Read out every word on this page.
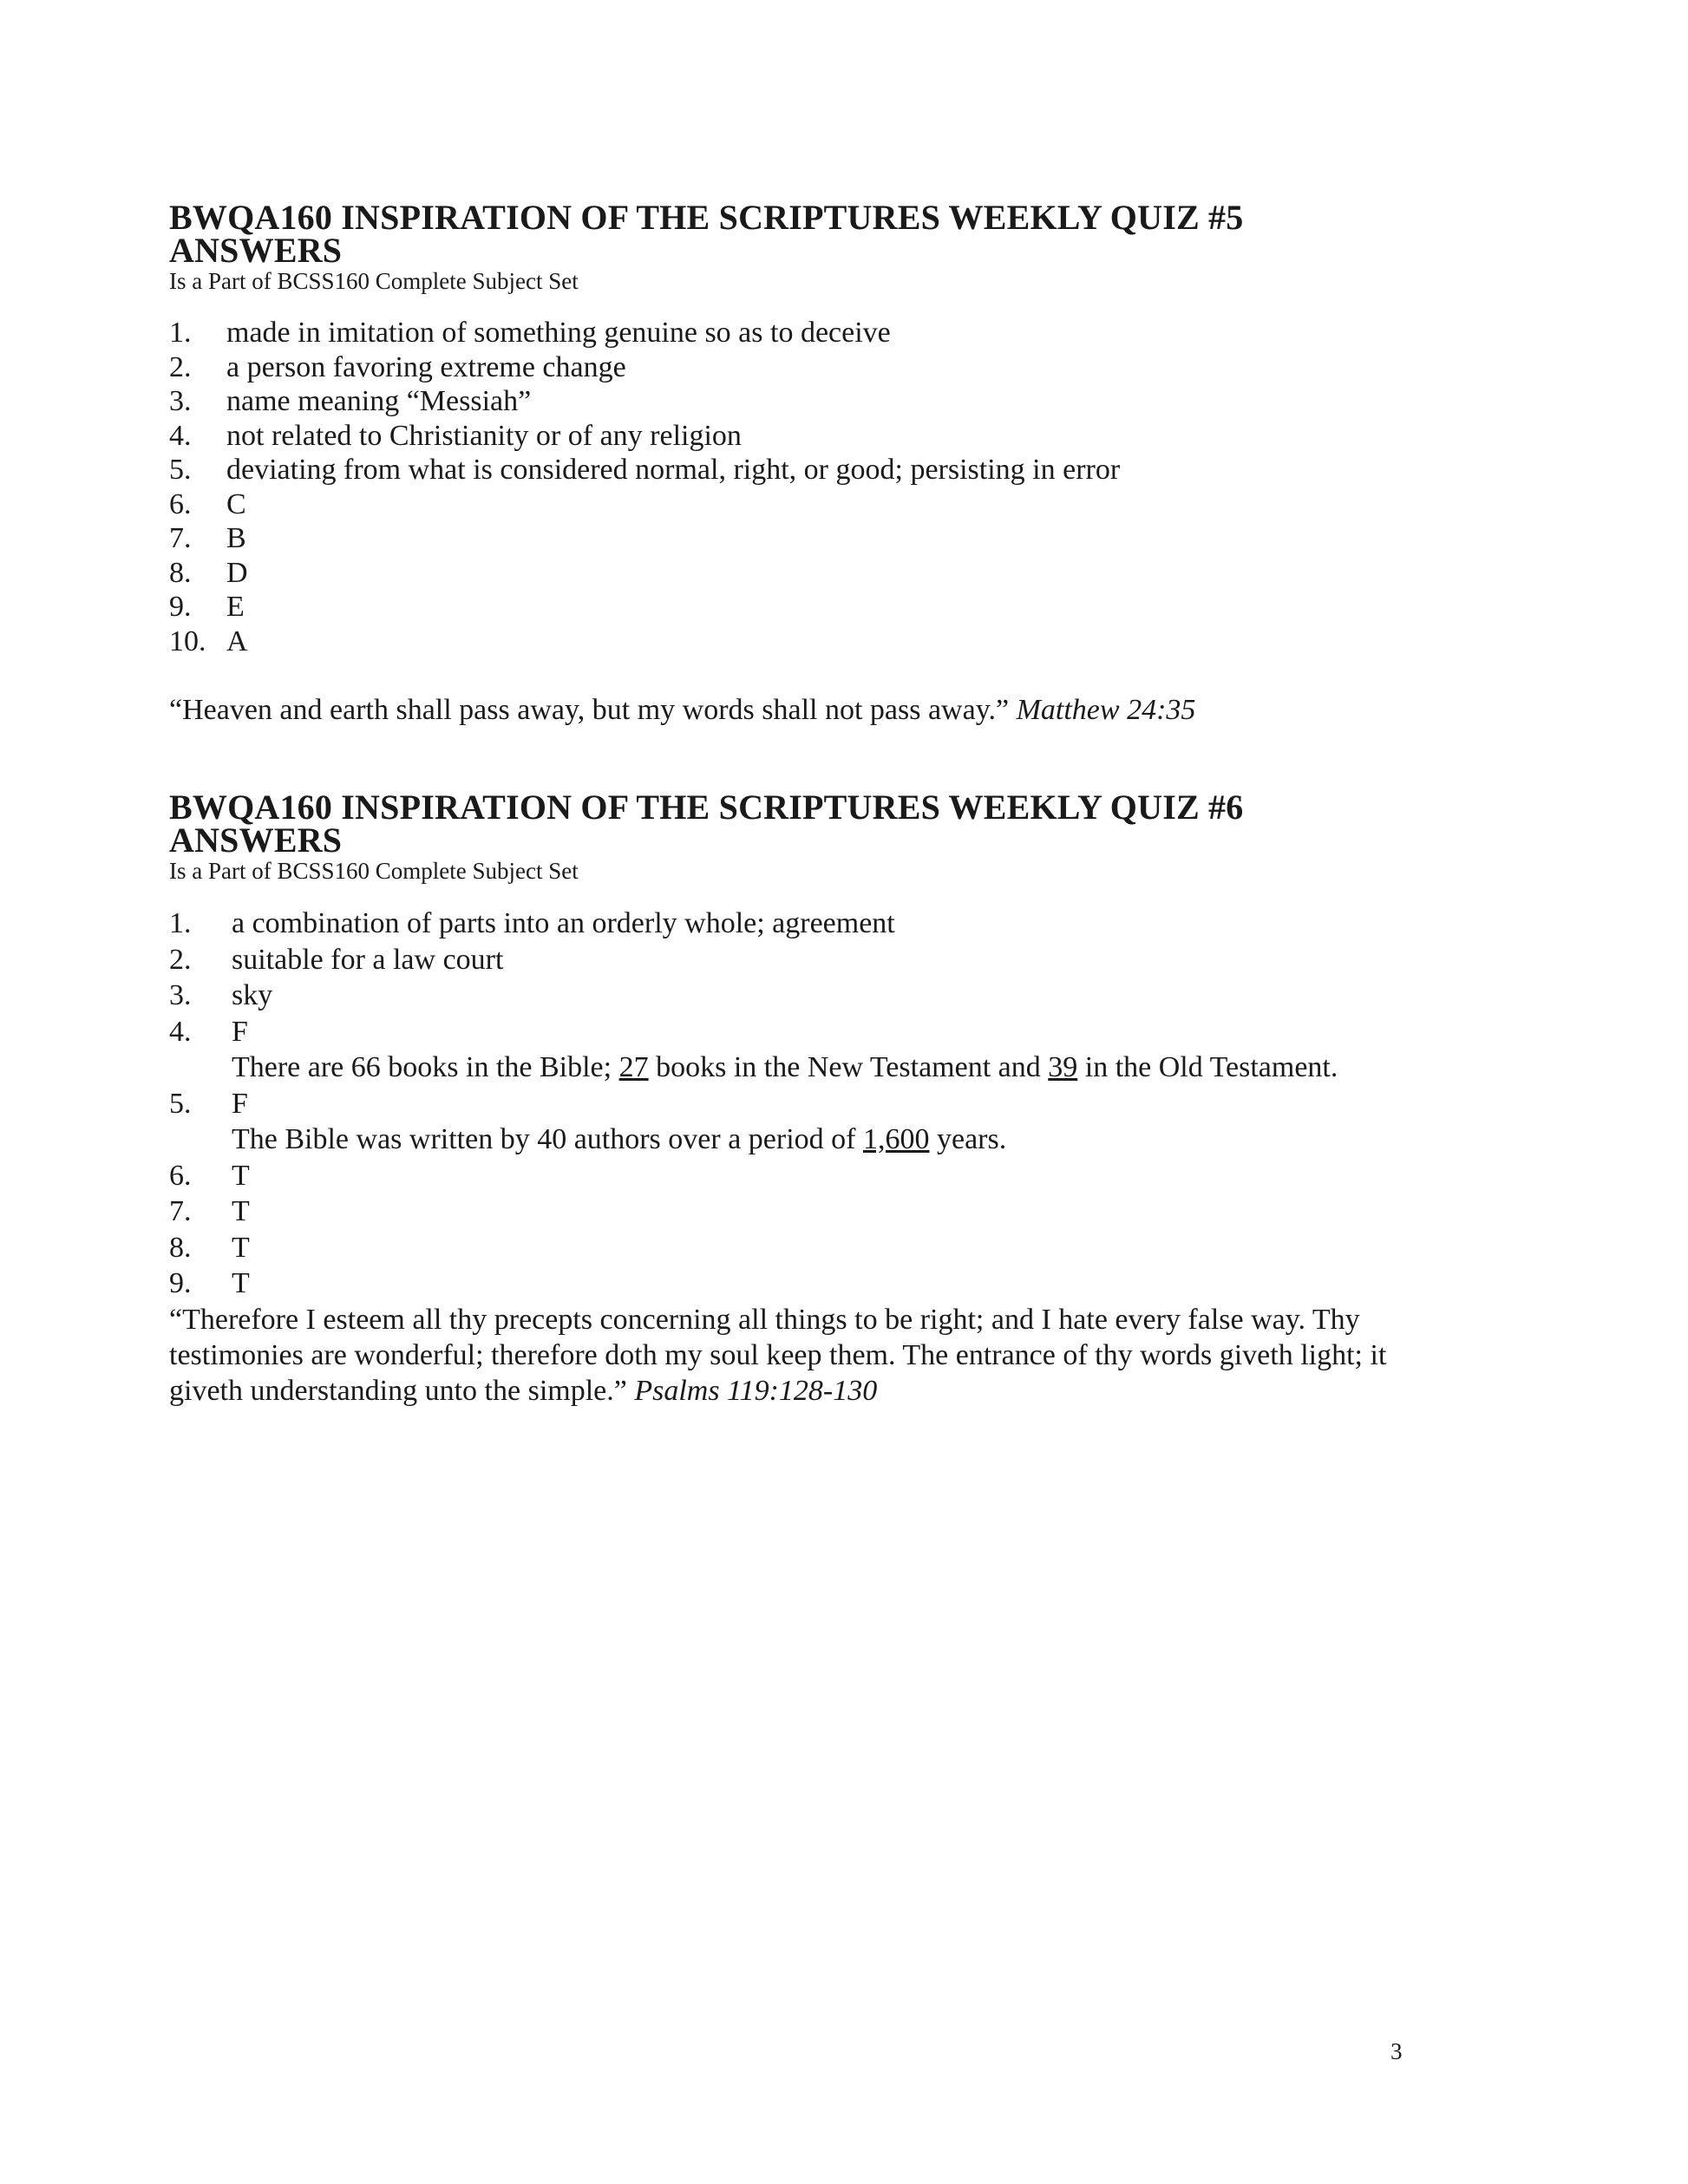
BWQA160 INSPIRATION OF THE SCRIPTURES WEEKLY QUIZ #5
ANSWERS

Is a Part of BCSS160 Complete Subject Set

1. made in imitation of something genuine so as to deceive
2. a person favoring extreme change
3. name meaning “Messiah”
4. not related to Christianity or of any religion
5. deviating from what is considered normal, right, or good; persisting in error
6. C
7. B
8. D
9. E
10. A

“Heaven and earth shall pass away, but my words shall not pass away.” Matthew 24:35

BWQA160 INSPIRATION OF THE SCRIPTURES WEEKLY QUIZ #6
ANSWERS

Is a Part of BCSS160 Complete Subject Set

1. a combination of parts into an orderly whole; agreement
2. suitable for a law court
3. sky
4. F
There are 66 books in the Bible; 27 books in the New Testament and 39 in the Old Testament.
5. F
The Bible was written by 40 authors over a period of 1,600 years.
6. T
7. T
8. T
9. T

“Therefore I esteem all thy precepts concerning all things to be right; and I hate every false way. Thy testimonies are wonderful; therefore doth my soul keep them. The entrance of thy words giveth light; it giveth understanding unto the simple.” Psalms 119:128-130

3
